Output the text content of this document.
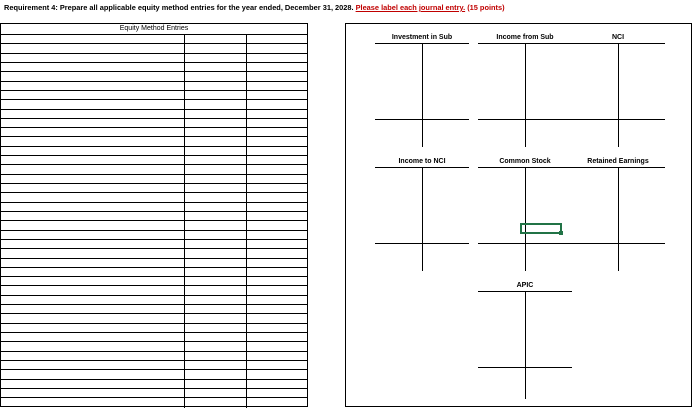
Requirement 4: Prepare all applicable equity method entries for the year ended, December 31, 2028. Please label each journal entry. (15 points)
Equity Method Entries
Investment in Sub	Income from Sub	NCI
Income to NCI	Common Stock	Retained Earnings
APIC
